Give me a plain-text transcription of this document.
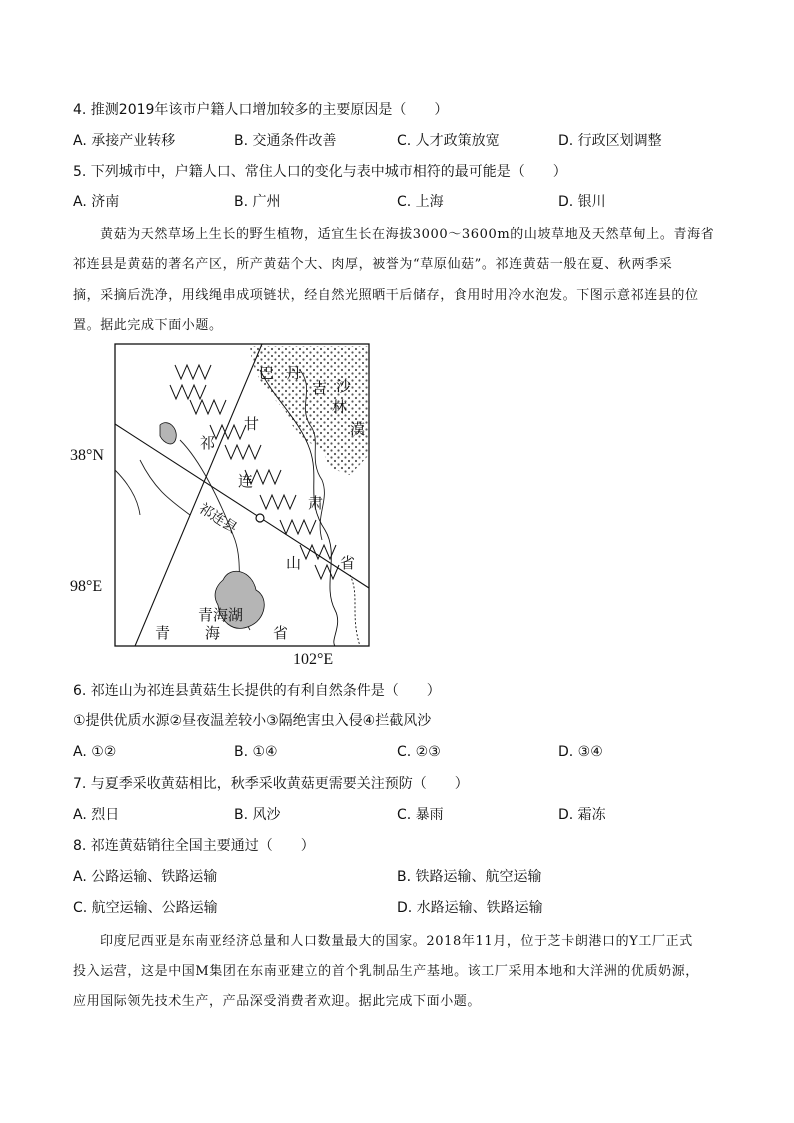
4. 推测2019年该市户籍人口增加较多的主要原因是（　　）
A. 承接产业转移	B. 交通条件改善	C. 人才政策放宽	D. 行政区划调整
5. 下列城市中，户籍人口、常住人口的变化与表中城市相符的最可能是（　　）
A. 济南	B. 广州	C. 上海	D. 银川
黄菇为天然草场上生长的野生植物，适宜生长在海拔3000～3600m的山坡草地及天然草甸上。青海省
祁连县是黄菇的著名产区，所产黄菇个大、肉厚，被誉为“草原仙菇”。祁连黄菇一般在夏、秋两季采
摘，采摘后洗净，用线绳串成项链状，经自然光照晒干后储存，食用时用冷水泡发。下图示意祁连县的位
置。据此完成下面小题。
巴 丹
吉
林
沙
漠
甘
肃
省
祁
连
山
祁连县
青海湖
青 海	省
38°N
98°E
102°E
6. 祁连山为祁连县黄菇生长提供的有利自然条件是（　　）
①提供优质水源②昼夜温差较小③隔绝害虫入侵④拦截风沙
A. ①②	B. ①④	C. ②③	D. ③④
7. 与夏季采收黄菇相比，秋季采收黄菇更需要关注预防（　　）
A. 烈日	B. 风沙	C. 暴雨	D. 霜冻
8. 祁连黄菇销往全国主要通过（　　）
A. 公路运输、铁路运输	B. 铁路运输、航空运输
C. 航空运输、公路运输	D. 水路运输、铁路运输
印度尼西亚是东南亚经济总量和人口数量最大的国家。2018年11月，位于芝卡朗港口的Y工厂正式
投入运营，这是中国M集团在东南亚建立的首个乳制品生产基地。该工厂采用本地和大洋洲的优质奶源，
应用国际领先技术生产，产品深受消费者欢迎。据此完成下面小题。
